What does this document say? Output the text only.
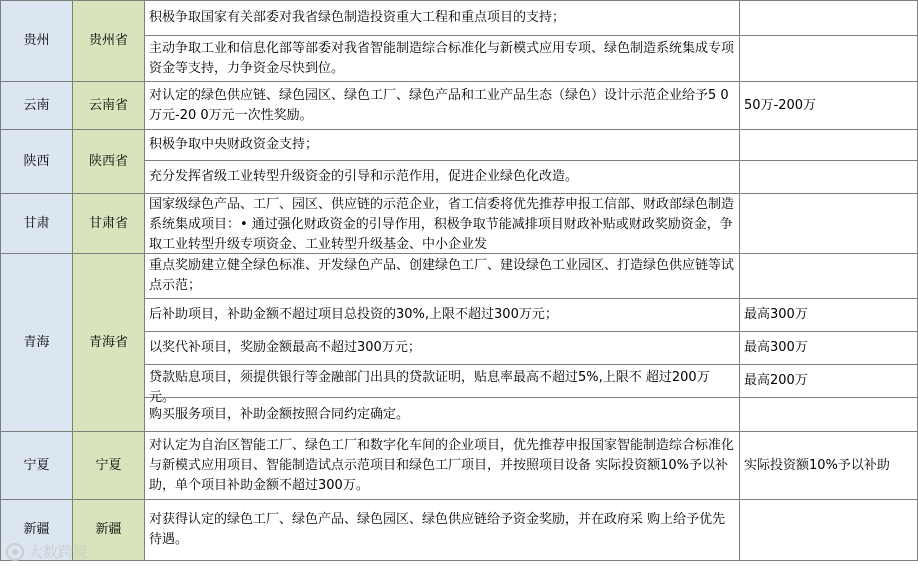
贵州	贵州省	积极争取国家有关部委对我省绿色制造投资重大工程和重点项目的支持；	

		主动争取工业和信息化部等部委对我省智能制造综合标准化与新模式应用专项、绿色制造系统集成专项资金等支持，力争资金尽快到位。	

云南	云南省	对认定的绿色供应链、绿色园区、绿色工厂、绿色产品和工业产品生态（绿色）设计示范企业给予5 0万元-20 0万元一次性奖励。	50万-200万
陕西	陕西省	积极争取中央财政资金支持；	

		充分发挥省级工业转型升级资金的引导和示范作用，促进企业绿色化改造。	

甘肃	甘肃省	国家级绿色产品、工厂、园区、供应链的示范企业，省工信委将优先推荐申报工信部、财政部绿色制造系统集成项目：• 通过强化财政资金的引导作用，积极争取节能减排项目财政补贴或财政奖励资金，争取工业转型升级专项资金、工业转型升级基金、中小企业发	

青海	青海省	重点奖励建立健全绿色标准、开发绿色产品、创建绿色工厂、建设绿色工业园区、打造绿色供应链等试点示范；	

		后补助项目，补助金额不超过项目总投资的30%,上限不超过300万元；	最高300万

		以奖代补项目，奖励金额最高不超过300万元；	最高300万

		贷款贴息项目，须提供银行等金融部门出具的贷款证明，贴息率最高不超过5%,上限不 超过200万元。	最高200万

		购买服务项目，补助金额按照合同约定确定。	

宁夏	宁夏	对认定为自治区智能工厂、绿色工厂和数字化车间的企业项目，优先推荐申报国家智能制造综合标准化与新模式应用项目、智能制造试点示范项目和绿色工厂项目，并按照项目设备 实际投资额10%予以补助，单个项目补助金额不超过300万。	实际投资额10%予以补助
新疆	新疆	对获得认定的绿色工厂、绿色产品、绿色园区、绿色供应链给予资金奖励，并在政府采 购上给予优先待遇。	

大数跨境
